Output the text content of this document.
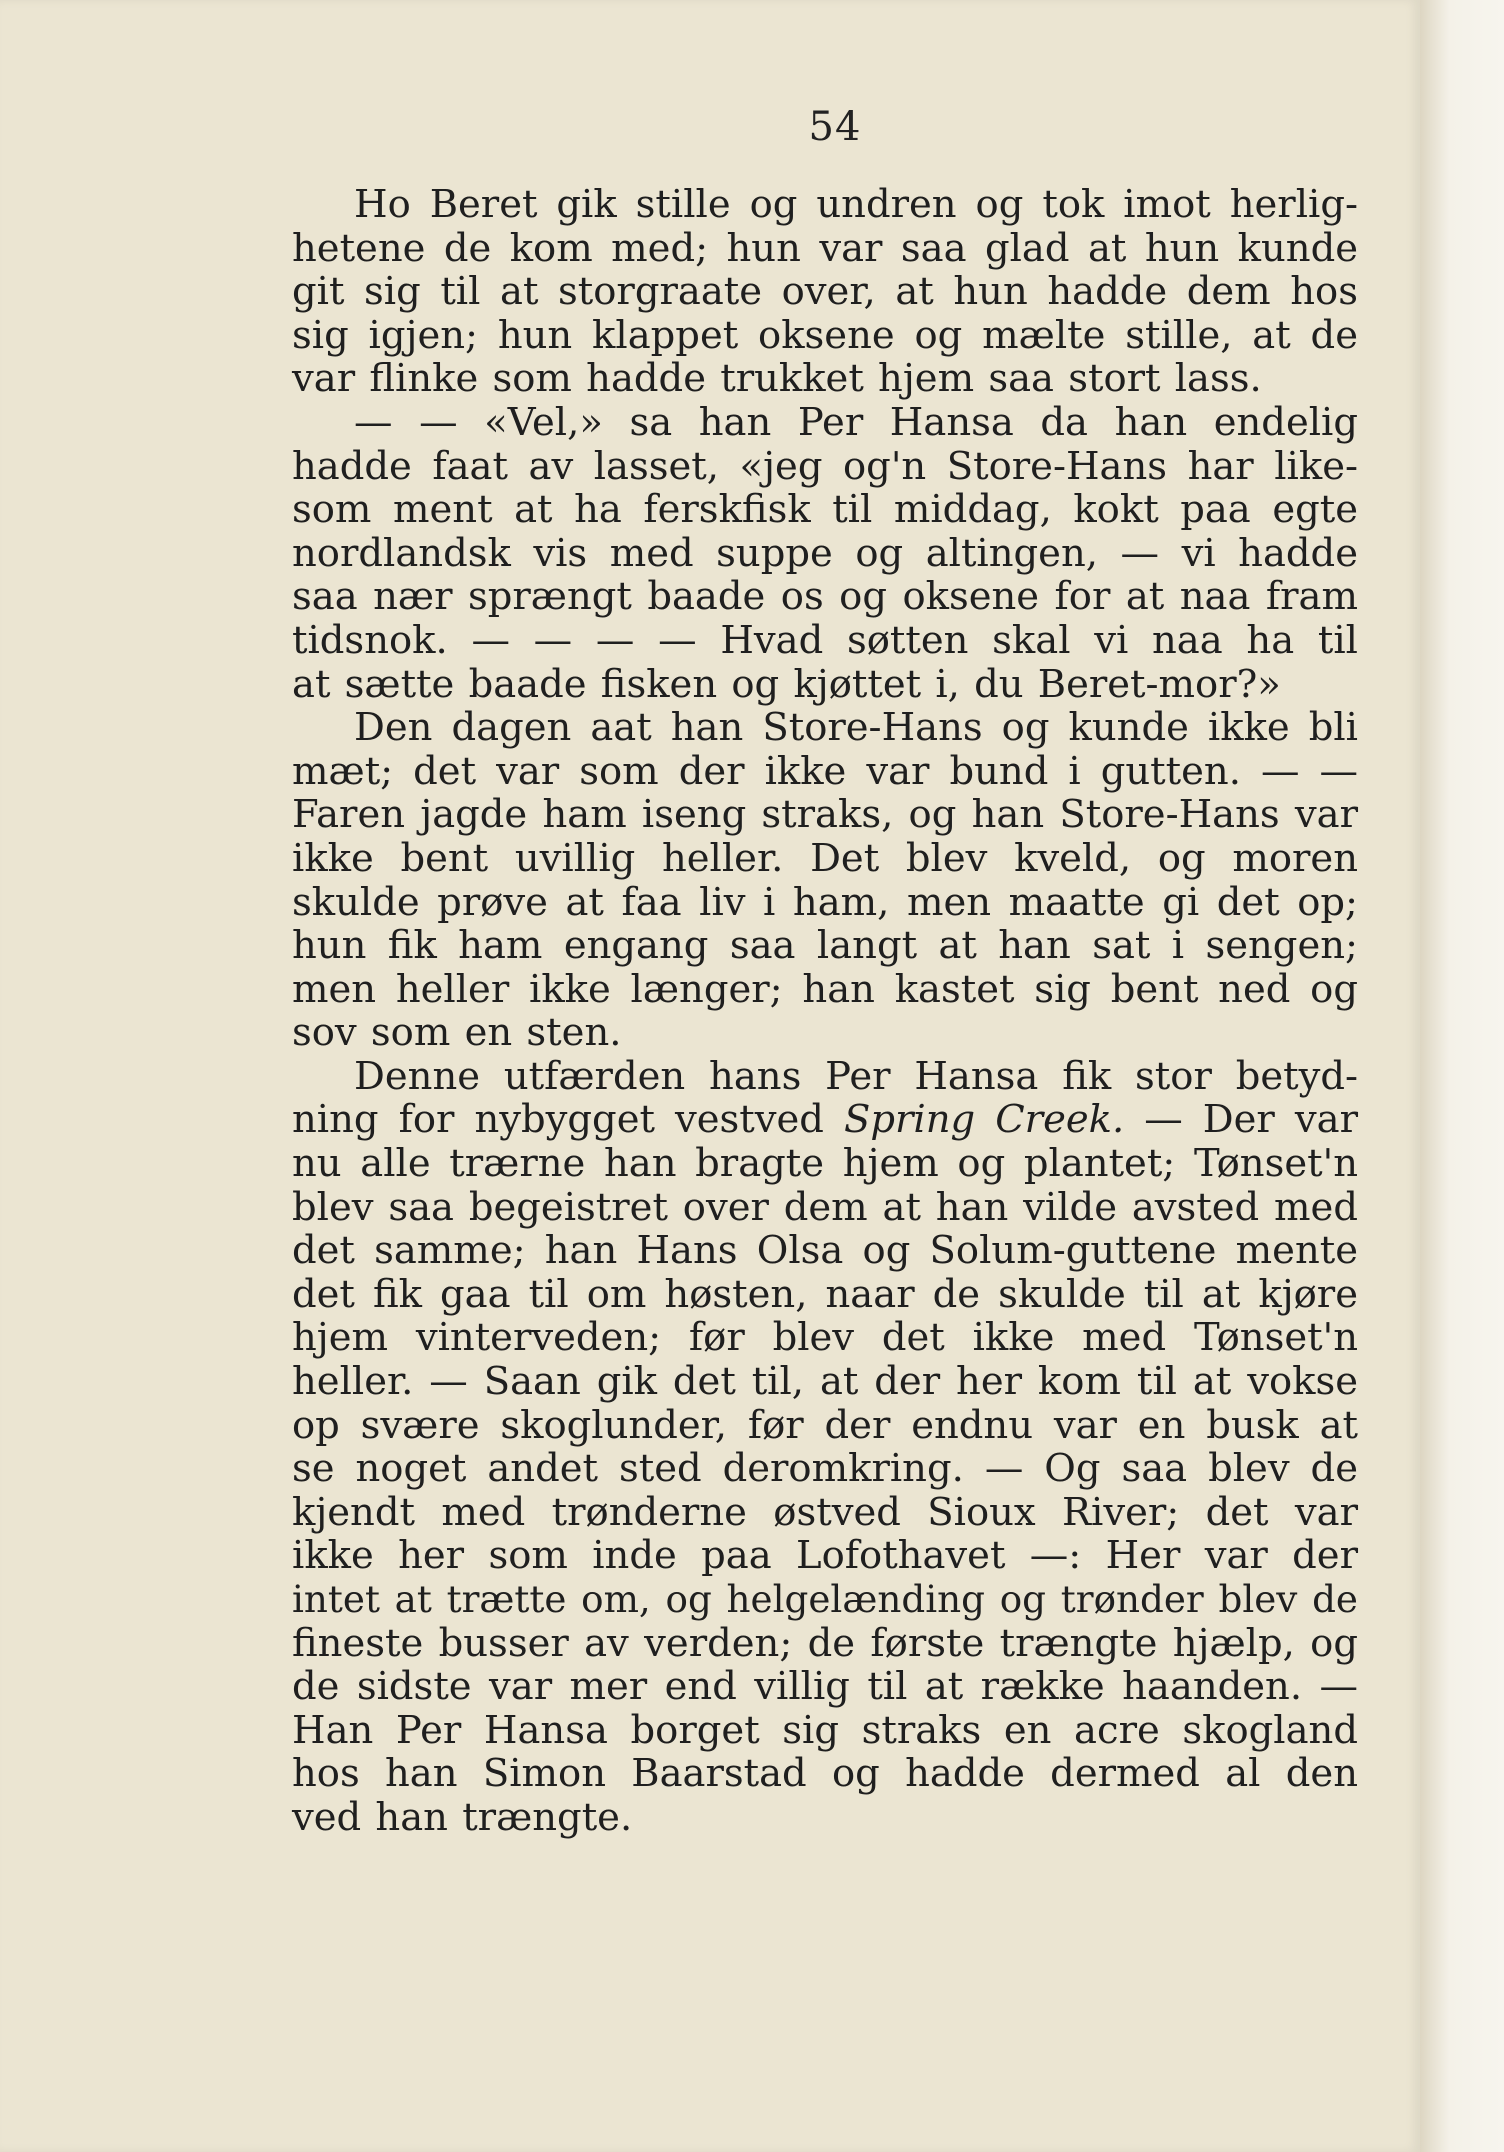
54
Ho Beret gik stille og undren og tok imot herlig-
hetene de kom med; hun var saa glad at hun kunde
git sig til at storgraate over, at hun hadde dem hos
sig igjen; hun klappet oksene og mælte stille, at de
var flinke som hadde trukket hjem saa stort lass.
— — «Vel,» sa han Per Hansa da han endelig
hadde faat av lasset, «jeg og'n Store-Hans har like-
som ment at ha ferskfisk til middag, kokt paa egte
nordlandsk vis med suppe og altingen, — vi hadde
saa nær sprængt baade os og oksene for at naa fram
tidsnok. — — — — Hvad søtten skal vi naa ha til
at sætte baade fisken og kjøttet i, du Beret-mor?»
Den dagen aat han Store-Hans og kunde ikke bli
mæt; det var som der ikke var bund i gutten. — —
Faren jagde ham iseng straks, og han Store-Hans var
ikke bent uvillig heller. Det blev kveld, og moren
skulde prøve at faa liv i ham, men maatte gi det op;
hun fik ham engang saa langt at han sat i sengen;
men heller ikke længer; han kastet sig bent ned og
sov som en sten.
Denne utfærden hans Per Hansa fik stor betyd-
ning for nybygget vestved Spring Creek. — Der var
nu alle trærne han bragte hjem og plantet; Tønset'n
blev saa begeistret over dem at han vilde avsted med
det samme; han Hans Olsa og Solum-guttene mente
det fik gaa til om høsten, naar de skulde til at kjøre
hjem vinterveden; før blev det ikke med Tønset'n
heller. — Saan gik det til, at der her kom til at vokse
op svære skoglunder, før der endnu var en busk at
se noget andet sted deromkring. — Og saa blev de
kjendt med trønderne østved Sioux River; det var
ikke her som inde paa Lofothavet —: Her var der
intet at trætte om, og helgelænding og trønder blev de
fineste busser av verden; de første trængte hjælp, og
de sidste var mer end villig til at række haanden. —
Han Per Hansa borget sig straks en acre skogland
hos han Simon Baarstad og hadde dermed al den
ved han trængte.
